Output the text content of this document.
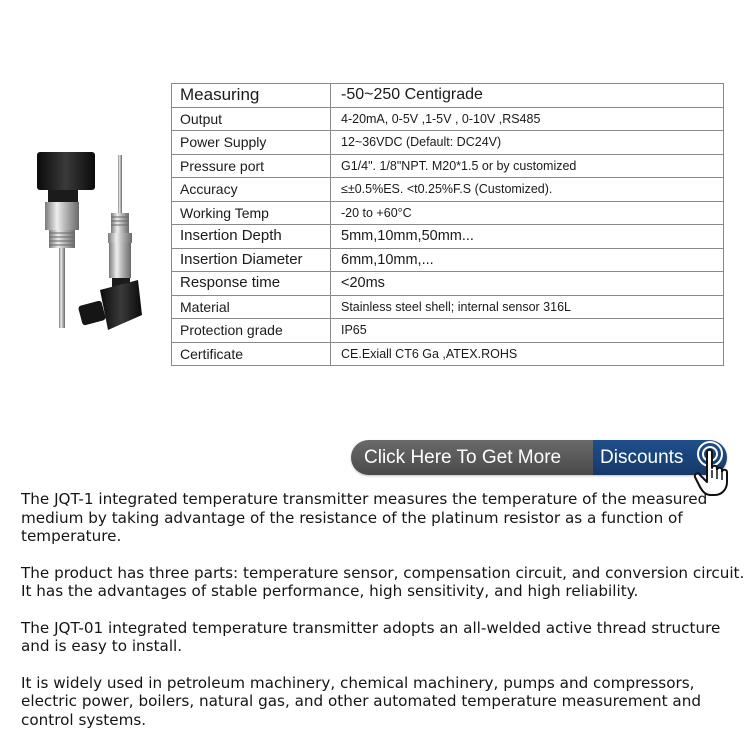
Measuring	-50~250 Centigrade
Output	4-20mA, 0-5V ,1-5V , 0-10V ,RS485
Power Supply	12~36VDC (Default: DC24V)
Pressure port	G1/4". 1/8"NPT. M20*1.5 or by customized
Accuracy	≤±0.5%ES. <t0.25%F.S (Customized).
Working Temp	-20 to +60°C
Insertion Depth	5mm,10mm,50mm...
Insertion Diameter	6mm,10mm,...
Response time	<20ms
Material	Stainless steel shell; internal sensor 316L
Protection grade	IP65
Certificate	CE.Exiall CT6 Ga ,ATEX.ROHS
Click Here To Get More	Discounts

The JQT-1 integrated temperature transmitter measures the temperature of the measured medium by taking advantage of the resistance of the platinum resistor as a function of temperature.

The product has three parts: temperature sensor, compensation circuit, and conversion circuit. It has the advantages of stable performance, high sensitivity, and high reliability.

The JQT-01 integrated temperature transmitter adopts an all-welded active thread structure and is easy to install.

It is widely used in petroleum machinery, chemical machinery, pumps and compressors, electric power, boilers, natural gas, and other automated temperature measurement and control systems.
